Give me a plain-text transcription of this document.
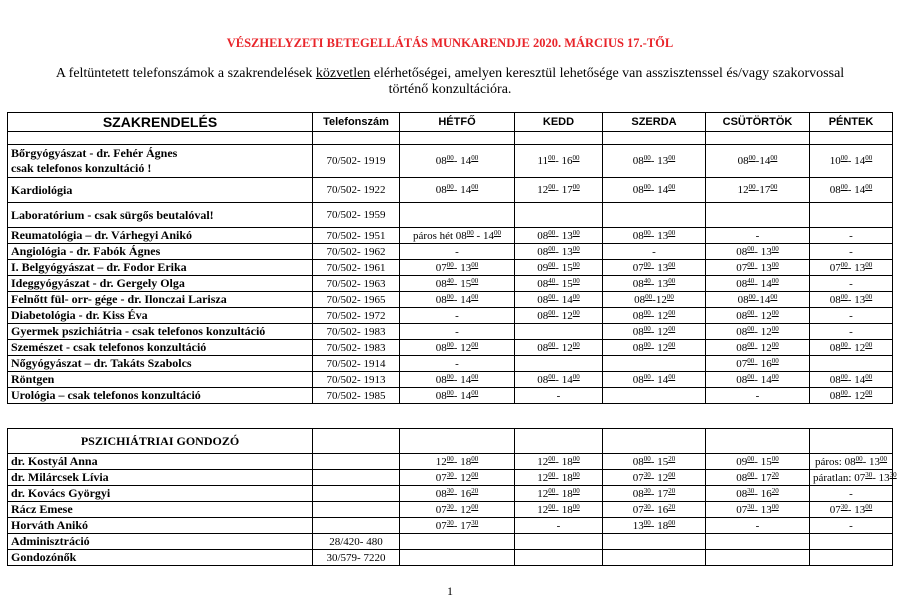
VÉSZHELYZETI BETEGELLÁTÁS MUNKARENDJE 2020. MÁRCIUS 17.-TŐL
A feltüntetett telefonszámok a szakrendelések közvetlen elérhetőségei, amelyen keresztül lehetősége van asszisztenssel és/vagy szakorvossal történő konzultációra.
SZAKRENDELÉS	Telefonszám	HÉTFŐ	KEDD	SZERDA	CSÜTÖRTÖK	PÉNTEK

Bőrgyógyászat - dr. Fehér Ágnes
csak telefonos konzultáció !	70/502- 1919	$08^{00}-$ $14^{00}$	$11^{00}-$ $16^{00}$	$08^{00}-$ $13^{00}$	$08^{00}-14^{00}$	$10^{00}-$ $14^{00}$
Kardiológia	70/502- 1922	$08^{00}-$ $14^{00}$	$12^{00}-$ $17^{00}$	$08^{00}-$ $14^{00}$	$12^{00}-17^{00}$	$08^{00}-$ $14^{00}$
Laboratórium - csak sürgős beutalóval!	70/502- 1959					
Reumatológia – dr. Várhegyi Anikó	70/502- 1951	páros hét $08^{00} - 14^{00}$	$08^{00}-$ $13^{00}$	$08^{00}-$ $13^{00}$	-	-
Angiológia - dr. Fabók Ágnes	70/502- 1962	-	$08^{00}-$ $13^{00}$	-	$08^{00}-$ $13^{00}$	-
I. Belgyógyászat – dr. Fodor Erika	70/502- 1961	$07^{00}-$ $13^{00}$	$09^{00}-$ $15^{00}$	$07^{00}-$ $13^{00}$	$07^{00}-$ $13^{00}$	$07^{00}-$ $13^{00}$
Ideggyógyászat - dr. Gergely Olga	70/502- 1963	$08^{40}-$ $15^{00}$	$08^{40}-$ $15^{00}$	$08^{40}-$ $13^{00}$	$08^{40}-$ $14^{00}$	-
Felnőtt fül- orr- gége - dr. Ilonczai Larisza	70/502- 1965	$08^{00}-$ $14^{00}$	$08^{00}-$ $14^{00}$	$08^{00}-12^{00}$	$08^{00}-14^{00}$	$08^{00}-$ $13^{00}$
Diabetológia - dr. Kiss Éva	70/502- 1972	-	$08^{00}-$ $12^{00}$	$08^{00}-$ $12^{00}$	$08^{00}-$ $12^{00}$	-
Gyermek pszichiátria - csak telefonos konzultáció	70/502- 1983	-		$08^{00}-$ $12^{00}$	$08^{00}-$ $12^{00}$	-
Szemészet - csak telefonos konzultáció	70/502- 1983	$08^{00}-$ $12^{00}$	$08^{00}-$ $12^{00}$	$08^{00}-$ $12^{00}$	$08^{00}-$ $12^{00}$	$08^{00}-$ $12^{00}$
Nőgyógyászat – dr. Takáts Szabolcs	70/502- 1914	-			$07^{00}-$ $16^{00}$	
Röntgen	70/502- 1913	$08^{00}-$ $14^{00}$	$08^{00}-$ $14^{00}$	$08^{00}-$ $14^{00}$	$08^{00}-$ $14^{00}$	$08^{00}-$ $14^{00}$
Urológia – csak telefonos konzultáció	70/502- 1985	$08^{00}-$ $14^{00}$	-		-	$08^{00}-$ $12^{00}$
PSZICHIÁTRIAI GONDOZÓ						
dr. Kostyál Anna		$12^{00}-$ $18^{00}$	$12^{00}-$ $18^{00}$	$08^{00}-$ $15^{20}$	$09^{00}-$ $15^{00}$	páros: $08^{00}-$ $13^{00}$
dr. Milárcsek Lívia		$07^{30}-$ $12^{00}$	$12^{00}-$ $18^{00}$	$07^{30}-$ $12^{00}$	$08^{00}-$ $17^{20}$	páratlan: $07^{30}-$ $13^{30}$
dr. Kovács Györgyi		$08^{30}-$ $16^{20}$	$12^{00}-$ $18^{00}$	$08^{30}-$ $17^{20}$	$08^{30}-$ $16^{20}$	-
Rácz Emese		$07^{30}-$ $12^{00}$	$12^{00}-$ $18^{00}$	$07^{30}-$ $16^{20}$	$07^{30}-$ $13^{00}$	$07^{30}-$ $13^{00}$
Horváth Anikó		$07^{30}-$ $17^{30}$	-	$13^{00}-$ $18^{00}$	-	-
Adminisztráció	28/420- 480					
Gondozónők	30/579- 7220					
1
